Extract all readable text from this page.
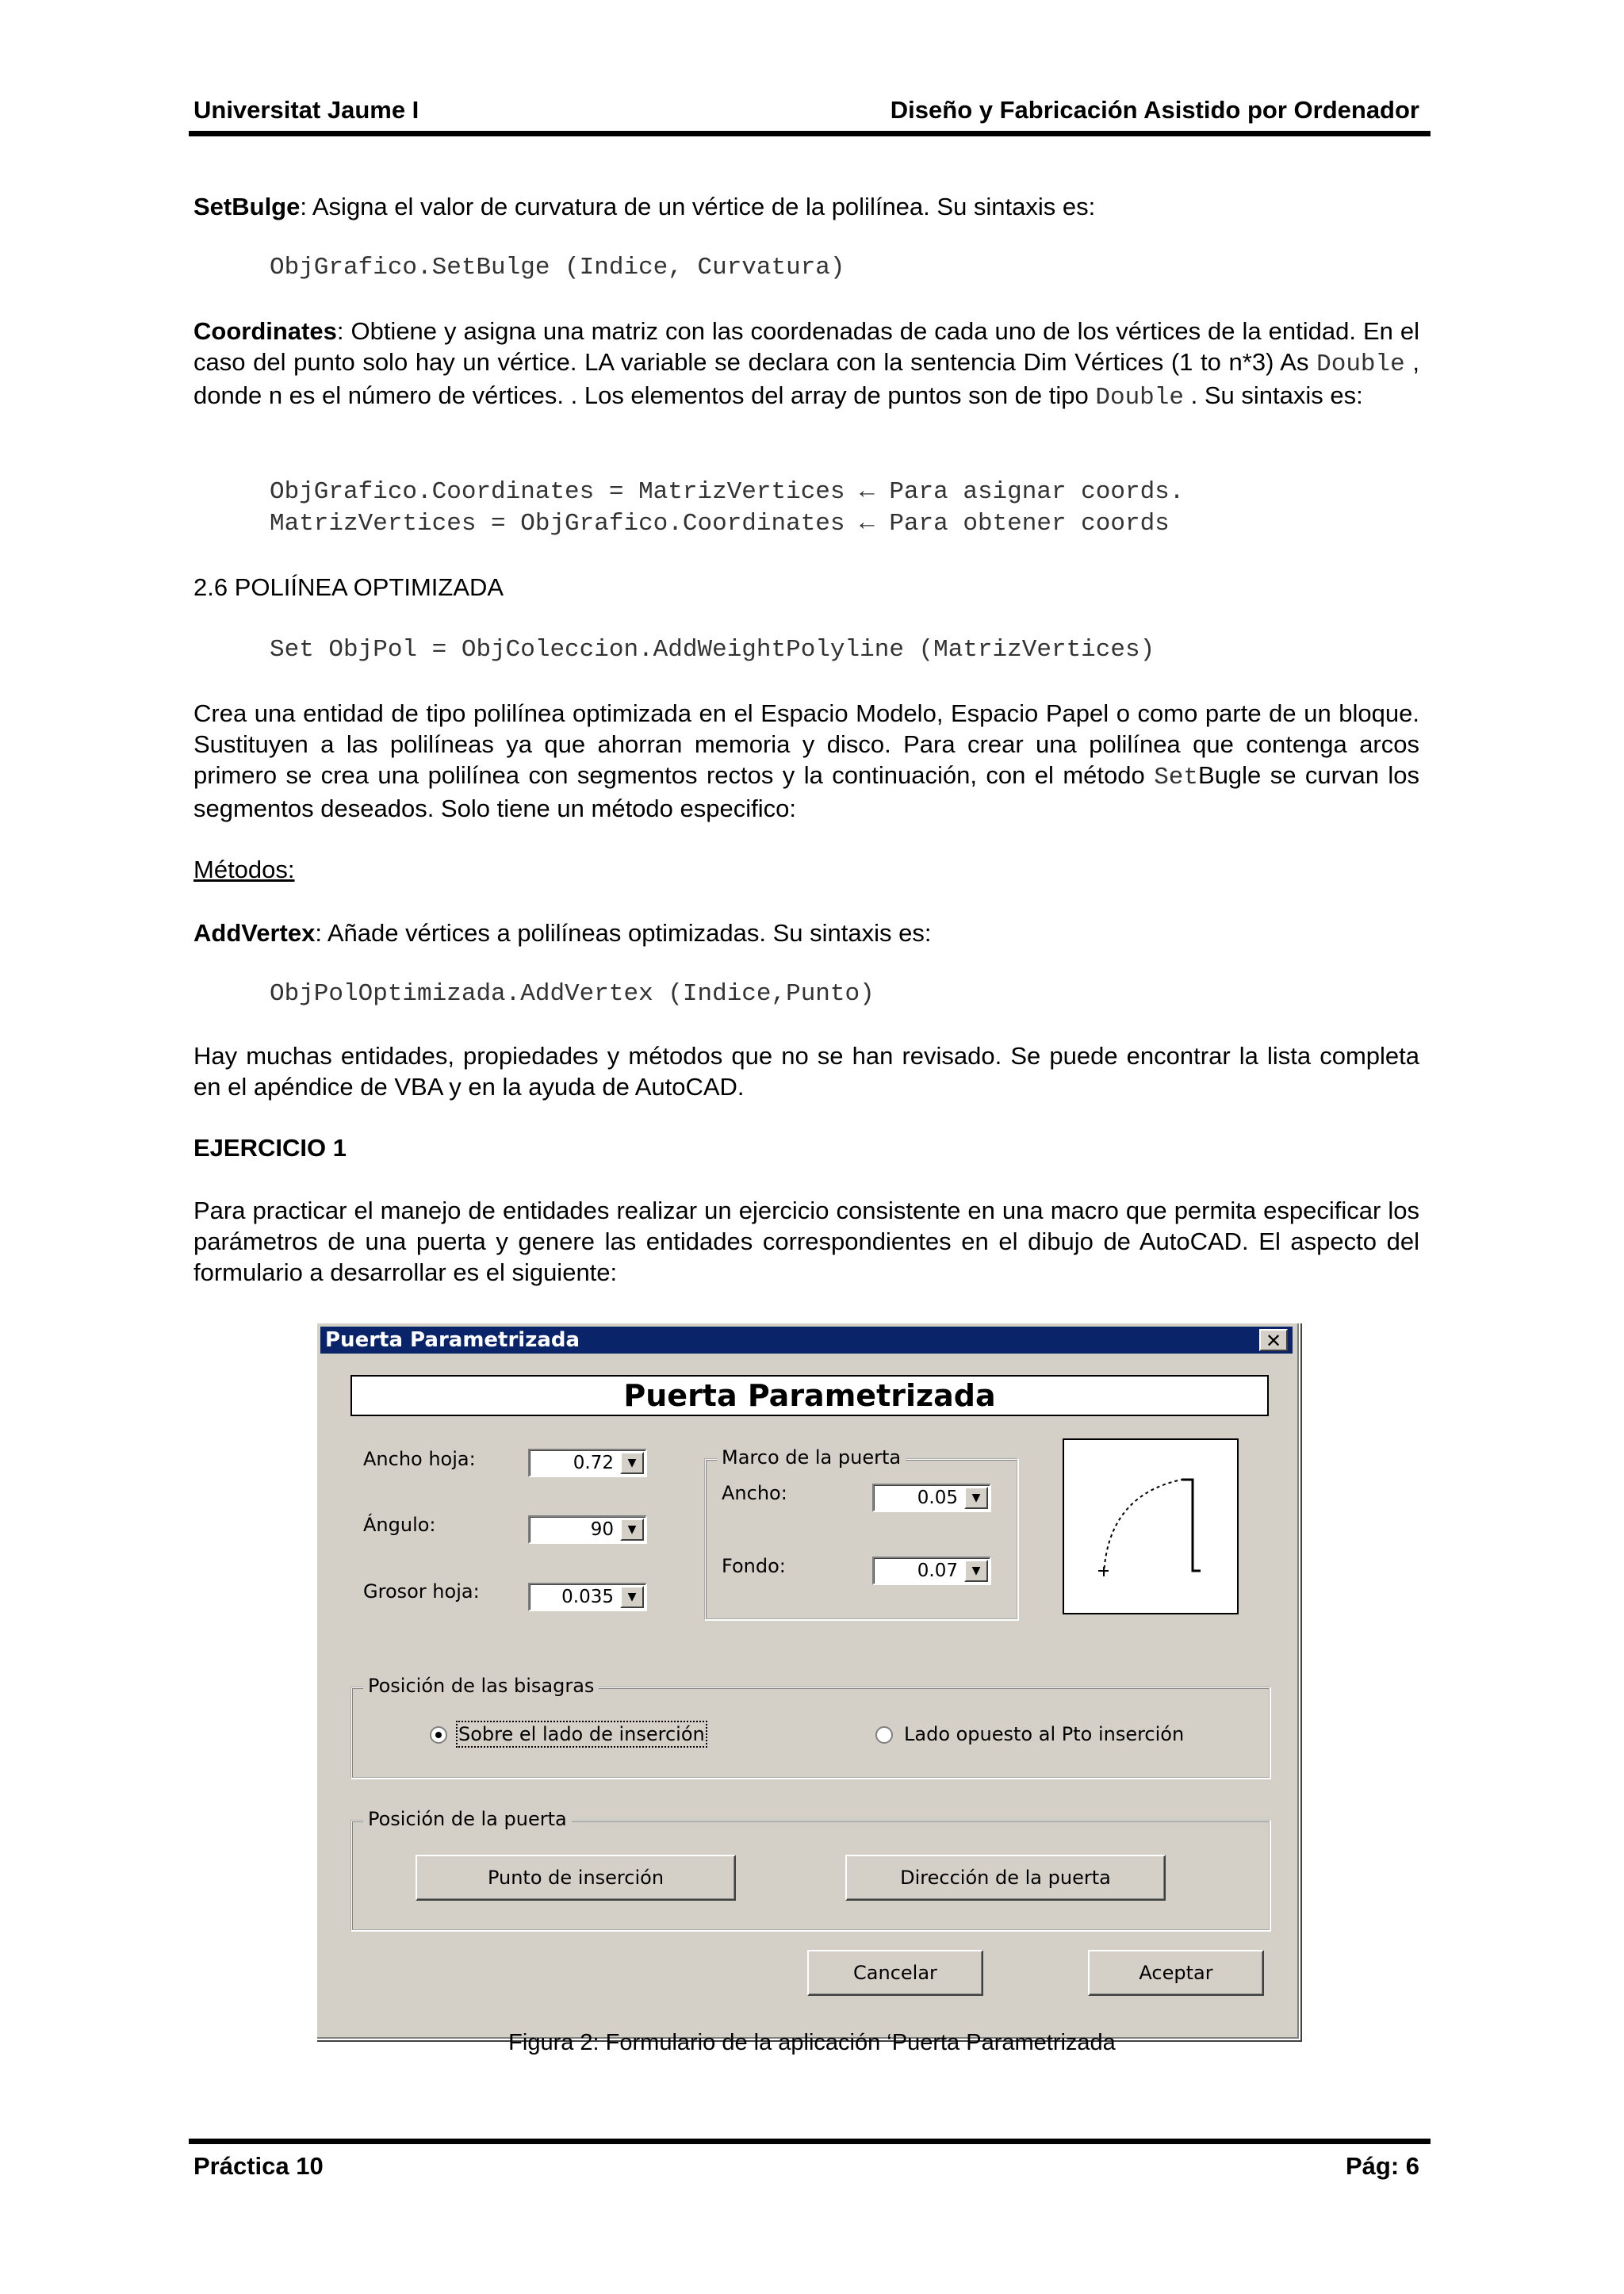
Universitat Jaume I	Diseño y Fabricación Asistido por Ordenador
SetBulge: Asigna el valor de curvatura de un vértice de la polilínea. Su sintaxis es:
ObjGrafico.SetBulge (Indice, Curvatura)
Coordinates: Obtiene y asigna una matriz con las coordenadas de cada uno de los vértices de la entidad. En el caso del punto solo hay un vértice. LA variable se declara con la sentencia Dim Vértices (1 to n*3) As Double , donde n es el número de vértices. . Los elementos del array de puntos son de tipo Double . Su sintaxis es:
ObjGrafico.Coordinates = MatrizVertices ← Para asignar coords.
MatrizVertices = ObjGrafico.Coordinates ← Para obtener coords
2.6 POLIÍNEA OPTIMIZADA
Set ObjPol = ObjColeccion.AddWeightPolyline (MatrizVertices)
Crea una entidad de tipo polilínea optimizada en el Espacio Modelo, Espacio Papel o como parte de un bloque. Sustituyen a las polilíneas ya que ahorran memoria y disco. Para crear una polilínea que contenga arcos primero se crea una polilínea con segmentos rectos y la continuación, con el método SetBugle se curvan los segmentos deseados. Solo tiene un método especifico:
Métodos:
AddVertex: Añade vértices a polilíneas optimizadas. Su sintaxis es:
ObjPolOptimizada.AddVertex (Indice,Punto)
Hay muchas entidades, propiedades y métodos que no se han revisado. Se puede encontrar la lista completa en el apéndice de VBA y en la ayuda de AutoCAD.
EJERCICIO 1
Para practicar el manejo de entidades realizar un ejercicio consistente en una macro que permita especificar los parámetros de una puerta y genere las entidades correspondientes en el dibujo de AutoCAD. El aspecto del formulario a desarrollar es el siguiente:
Puerta Parametrizada	✕
Puerta Parametrizada
Ancho hoja:	0.72	▼
Ángulo:	90	▼
Grosor hoja:	0.035	▼
Marco de la puerta
Ancho:	0.05	▼
Fondo:	0.07	▼
Posición de las bisagras
Sobre el lado de inserción	Lado opuesto al Pto inserción
Posición de la puerta
Punto de inserción	Dirección de la puerta
Cancelar	Aceptar
Figura 2: Formulario de la aplicación ‘Puerta Parametrizada
Práctica 10	Pág: 6
